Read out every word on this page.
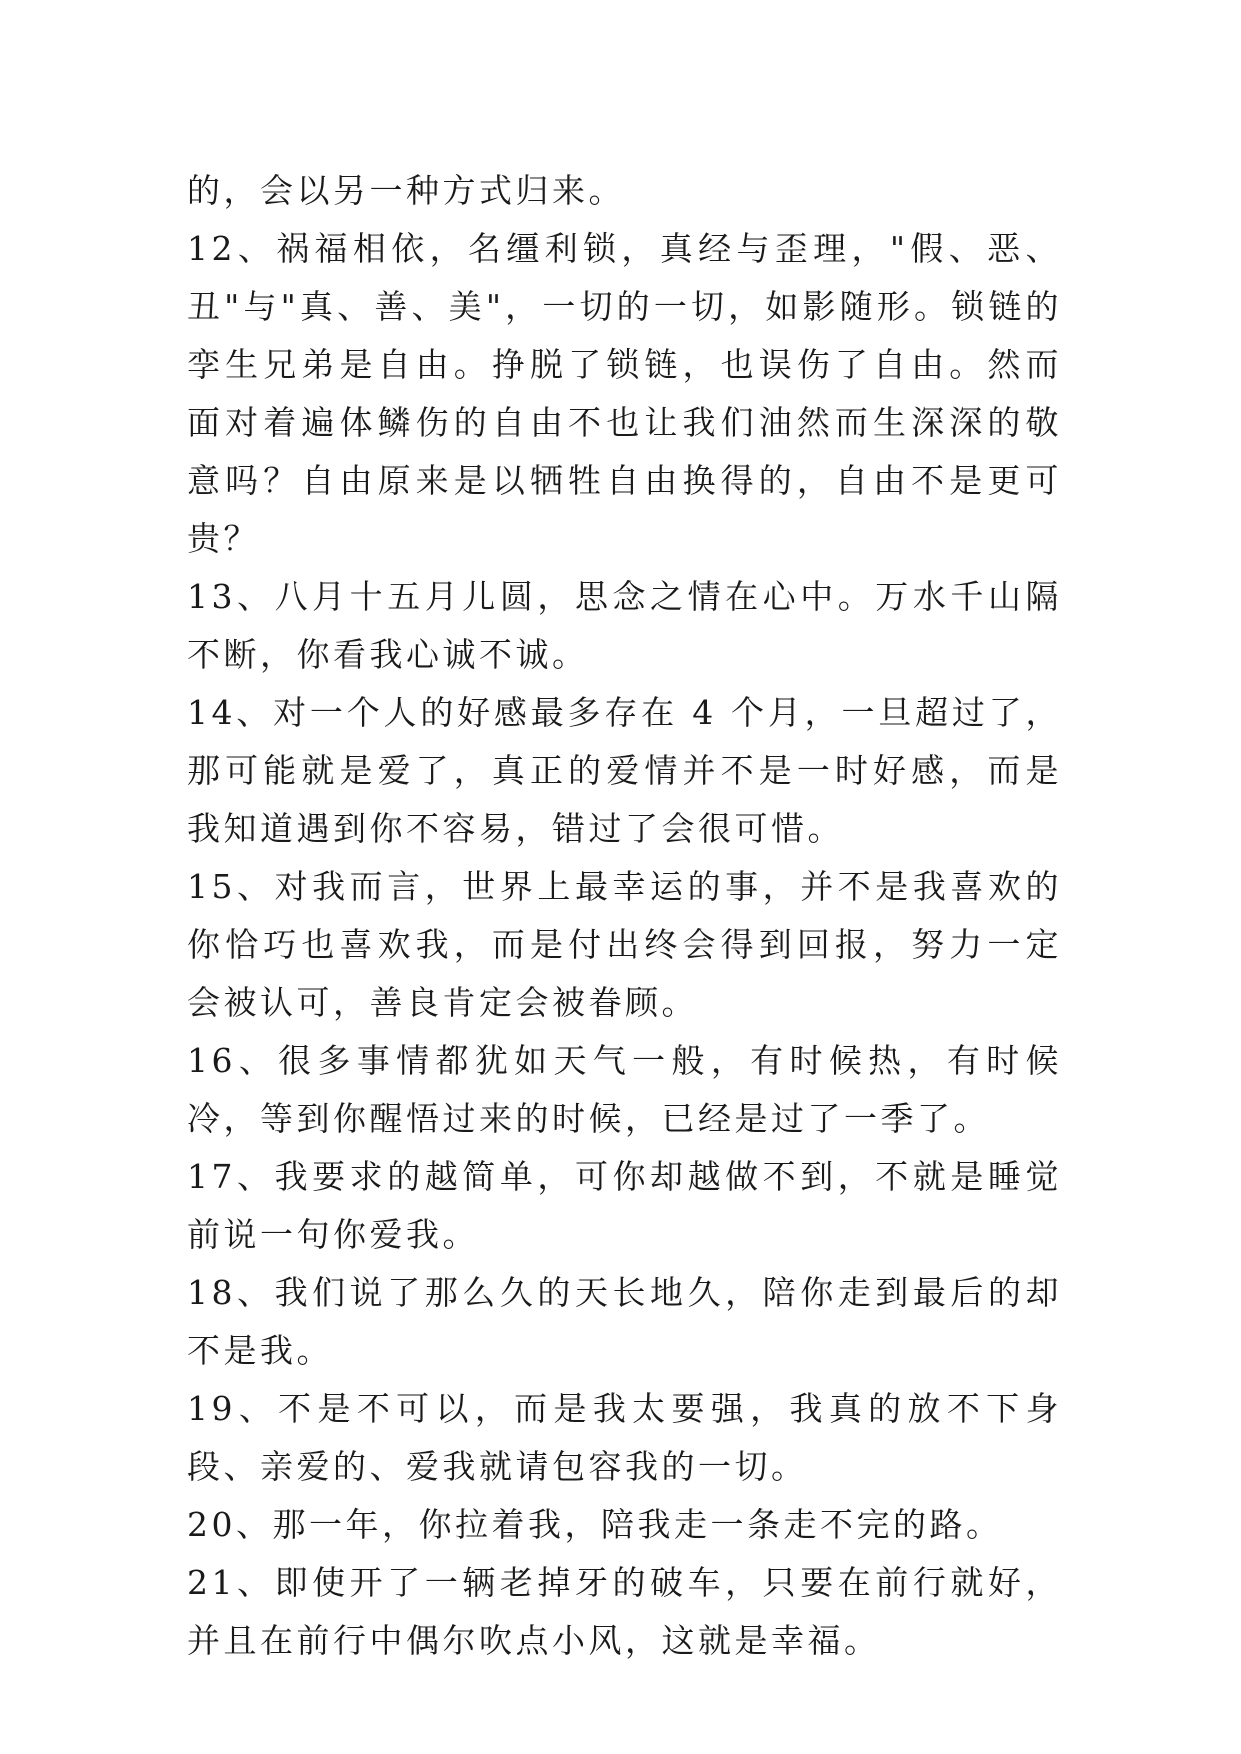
的，会以另一种方式归来。

12、祸福相依，名缰利锁，真经与歪理，"假、恶、丑"与"真、善、美"，一切的一切，如影随形。锁链的孪生兄弟是自由。挣脱了锁链，也误伤了自由。然而面对着遍体鳞伤的自由不也让我们油然而生深深的敬意吗？自由原来是以牺牲自由换得的，自由不是更可贵？

13、八月十五月儿圆，思念之情在心中。万水千山隔不断，你看我心诚不诚。

14、对一个人的好感最多存在 4 个月，一旦超过了，那可能就是爱了，真正的爱情并不是一时好感，而是我知道遇到你不容易，错过了会很可惜。

15、对我而言，世界上最幸运的事，并不是我喜欢的你恰巧也喜欢我，而是付出终会得到回报，努力一定会被认可，善良肯定会被眷顾。

16、很多事情都犹如天气一般，有时候热，有时候冷，等到你醒悟过来的时候，已经是过了一季了。

17、我要求的越简单，可你却越做不到，不就是睡觉前说一句你爱我。

18、我们说了那么久的天长地久，陪你走到最后的却不是我。

19、不是不可以，而是我太要强，我真的放不下身段、亲爱的、爱我就请包容我的一切。

20、那一年，你拉着我，陪我走一条走不完的路。

21、即使开了一辆老掉牙的破车，只要在前行就好，并且在前行中偶尔吹点小风，这就是幸福。
